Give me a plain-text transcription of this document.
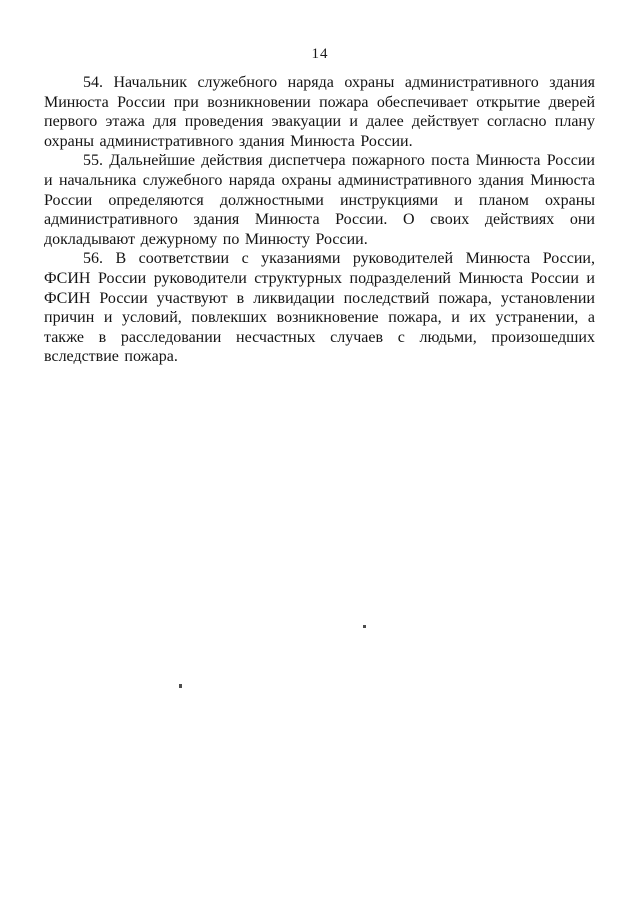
14

54. Начальник служебного наряда охраны административного здания Минюста России при возникновении пожара обеспечивает открытие дверей первого этажа для проведения эвакуации и далее действует согласно плану охраны административного здания Минюста России.

55. Дальнейшие действия диспетчера пожарного поста Минюста России и начальника служебного наряда охраны административного здания Минюста России определяются должностными инструкциями и планом охраны административного здания Минюста России. О своих действиях они докладывают дежурному по Минюсту России.

56. В соответствии с указаниями руководителей Минюста России, ФСИН России руководители структурных подразделений Минюста России и ФСИН России участвуют в ликвидации последствий пожара, установлении причин и условий, повлекших возникновение пожара, и их устранении, а также в расследовании несчастных случаев с людьми, произошедших вследствие пожара.
